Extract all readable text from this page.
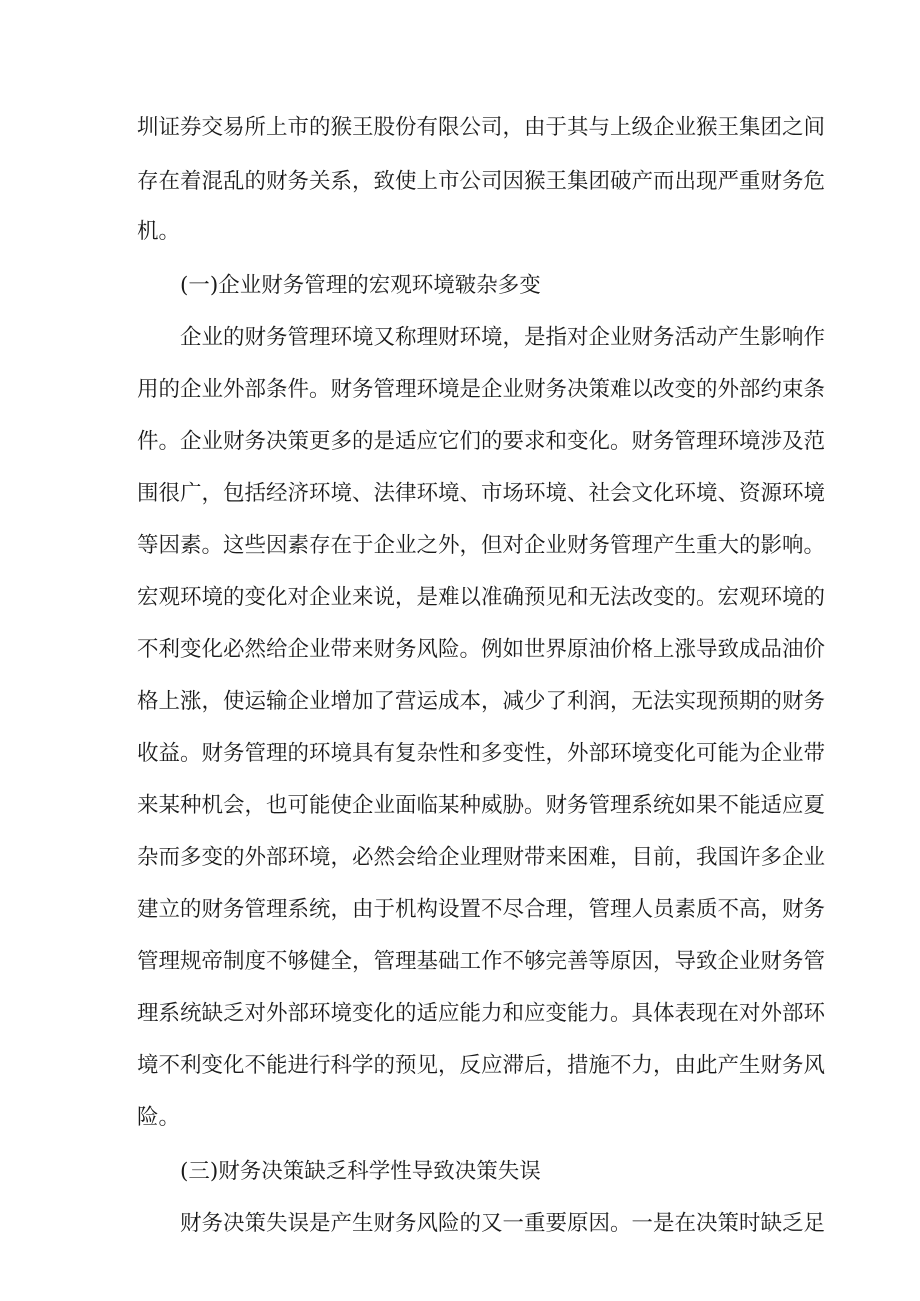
圳证券交易所上市的猴王股份有限公司，由于其与上级企业猴王集团之间
存在着混乱的财务关系，致使上市公司因猴王集团破产而出现严重财务危
机。
(一)企业财务管理的宏观环境皲杂多变
企业的财务管理环境又称理财环境，是指对企业财务活动产生影响作
用的企业外部条件。财务管理环境是企业财务决策难以改变的外部约束条
件。企业财务决策更多的是适应它们的要求和变化。财务管理环境涉及范
围很广，包括经济环境、法律环境、市场环境、社会文化环境、资源环境
等因素。这些因素存在于企业之外，但对企业财务管理产生重大的影响。
宏观环境的变化对企业来说，是难以准确预见和无法改变的。宏观环境的
不利变化必然给企业带来财务风险。例如世界原油价格上涨导致成品油价
格上涨，使运输企业增加了营运成本，减少了利润，无法实现预期的财务
收益。财务管理的环境具有复杂性和多变性，外部环境变化可能为企业带
来某种机会，也可能使企业面临某种威胁。财务管理系统如果不能适应夏
杂而多变的外部环境，必然会给企业理财带来困难，目前，我国许多企业
建立的财务管理系统，由于机构设置不尽合理，管理人员素质不高，财务
管理规帝制度不够健全，管理基础工作不够完善等原因，导致企业财务管
理系统缺乏对外部环境变化的适应能力和应变能力。具体表现在对外部环
境不利变化不能进行科学的预见，反应滞后，措施不力，由此产生财务风
险。
(三)财务决策缺乏科学性导致决策失误
财务决策失误是产生财务风险的又一重要原因。一是在决策时缺乏足
